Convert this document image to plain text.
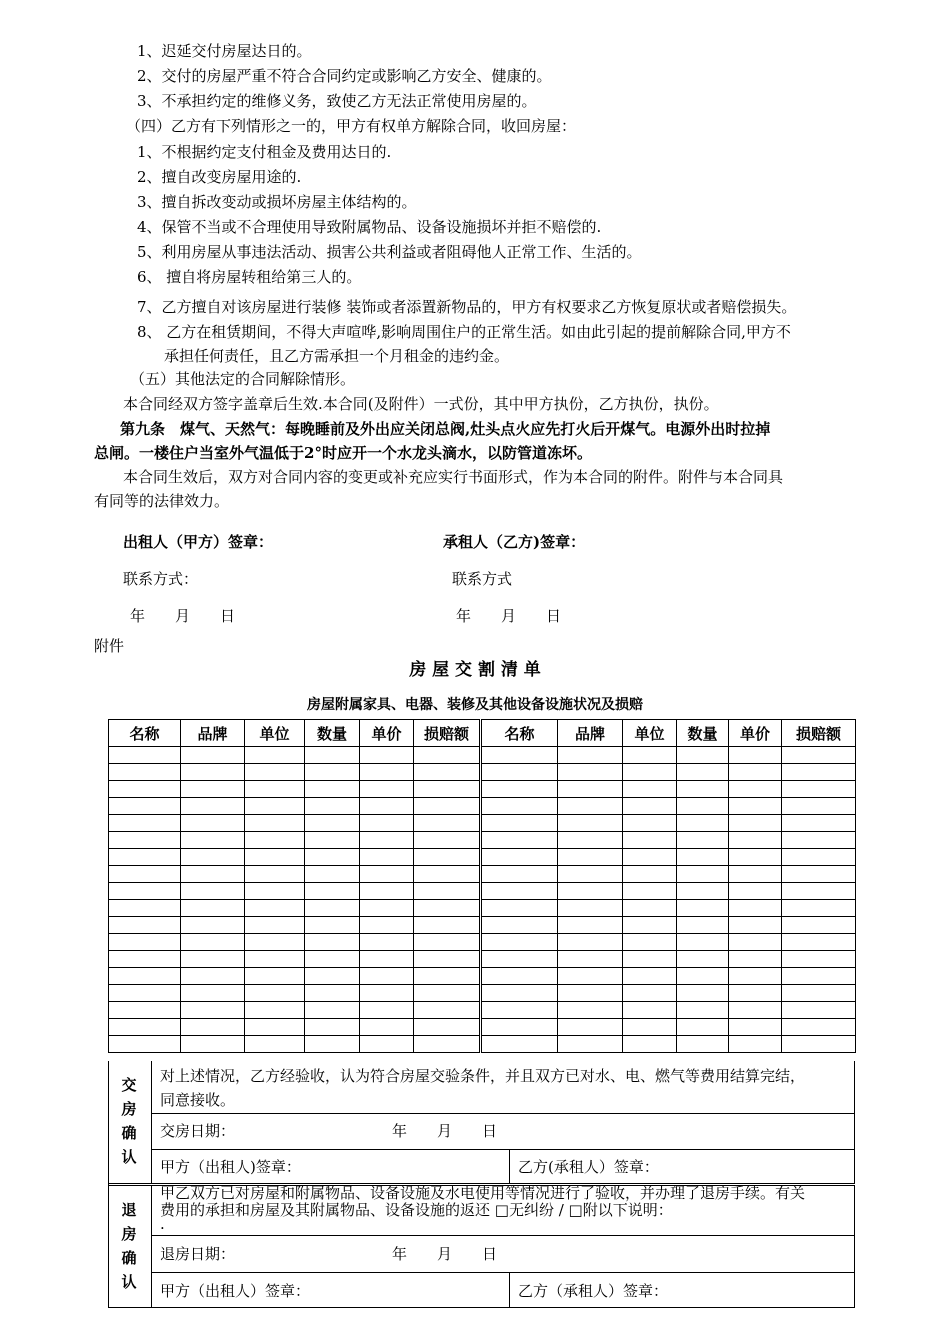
1、迟延交付房屋达日的。
2、交付的房屋严重不符合合同约定或影响乙方安全、健康的。
3、不承担约定的维修义务，致使乙方无法正常使用房屋的。
（四）乙方有下列情形之一的，甲方有权单方解除合同，收回房屋：
1、不根据约定支付租金及费用达日的.
2、擅自改变房屋用途的.
3、擅自拆改变动或损坏房屋主体结构的。
4、保管不当或不合理使用导致附属物品、设备设施损坏并拒不赔偿的.
5、利用房屋从事违法活动、损害公共利益或者阻碍他人正常工作、生活的。
6、 擅自将房屋转租给第三人的。
7、乙方擅自对该房屋进行装修 装饰或者添置新物品的，甲方有权要求乙方恢复原状或者赔偿损失。
8、 乙方在租赁期间，不得大声喧哗,影响周围住户的正常生活。如由此引起的提前解除合同,甲方不
承担任何责任，且乙方需承担一个月租金的违约金。
（五）其他法定的合同解除情形。
本合同经双方签字盖章后生效.本合同(及附件）一式份，其中甲方执份，乙方执份，执份。
第九条　煤气、天然气：每晚睡前及外出应关闭总阀,灶头点火应先打火后开煤气。电源外出时拉掉
总闸。一楼住户当室外气温低于2°时应开一个水龙头滴水，以防管道冻坏。
本合同生效后，双方对合同内容的变更或补充应实行书面形式，作为本合同的附件。附件与本合同具
有同等的法律效力。
出租人（甲方）签章：	承租人（乙方)签章：
联系方式：	联系方式
年　　月　　日	年　　月　　日
附件
房 屋 交 割 清 单
房屋附属家具、电器、装修及其他设备设施状况及损赔
名称	品牌	单位	数量	单价	损赔额	名称	品牌	单位	数量	单价	损赔额

交
房
确
认
对上述情况，乙方经验收，认为符合房屋交验条件，并且双方已对水、电、燃气等费用结算完结，
同意接收。
交房日期：	年　　月　　日
甲方（出租人)签章：	乙方(承租人）签章：
退
房
确
认
甲乙双方已对房屋和附属物品、设备设施及水电使用等情况进行了验收，并办理了退房手续。有关
费用的承担和房屋及其附属物品、设备设施的返还 □无纠纷 / □附以下说明：
.
退房日期：	年　　月　　日
甲方（出租人）签章：	乙方（承租人）签章：
